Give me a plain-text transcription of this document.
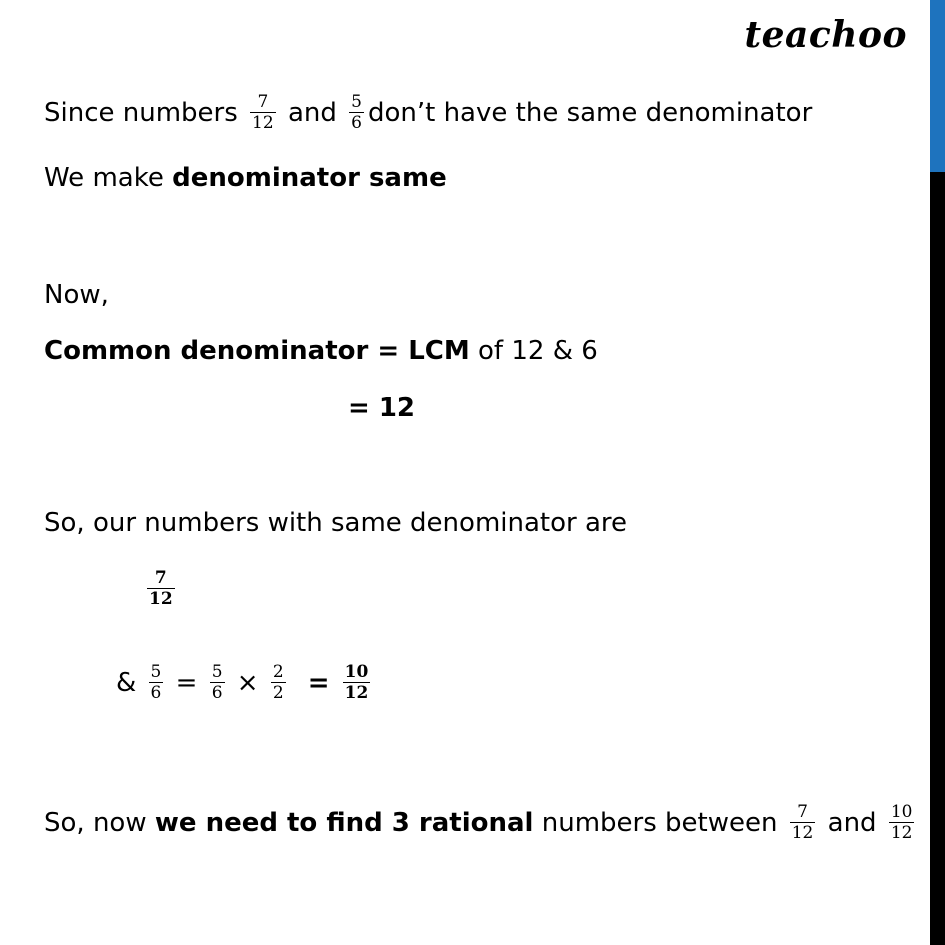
teachoo
Since numbers $\frac{7}{12}$ and $\frac{5}{6}$ don’t have the same denominator
We make denominator same
Now,
Common denominator = LCM of 12 & 6
= 12
So, our numbers with same denominator are
$\frac{7}{12}$
& $\frac{5}{6} = \frac{5}{6} \times \frac{2}{2} = \frac{10}{12}$
So, now we need to find 3 rational numbers between $\frac{7}{12}$ and $\frac{10}{12}$
